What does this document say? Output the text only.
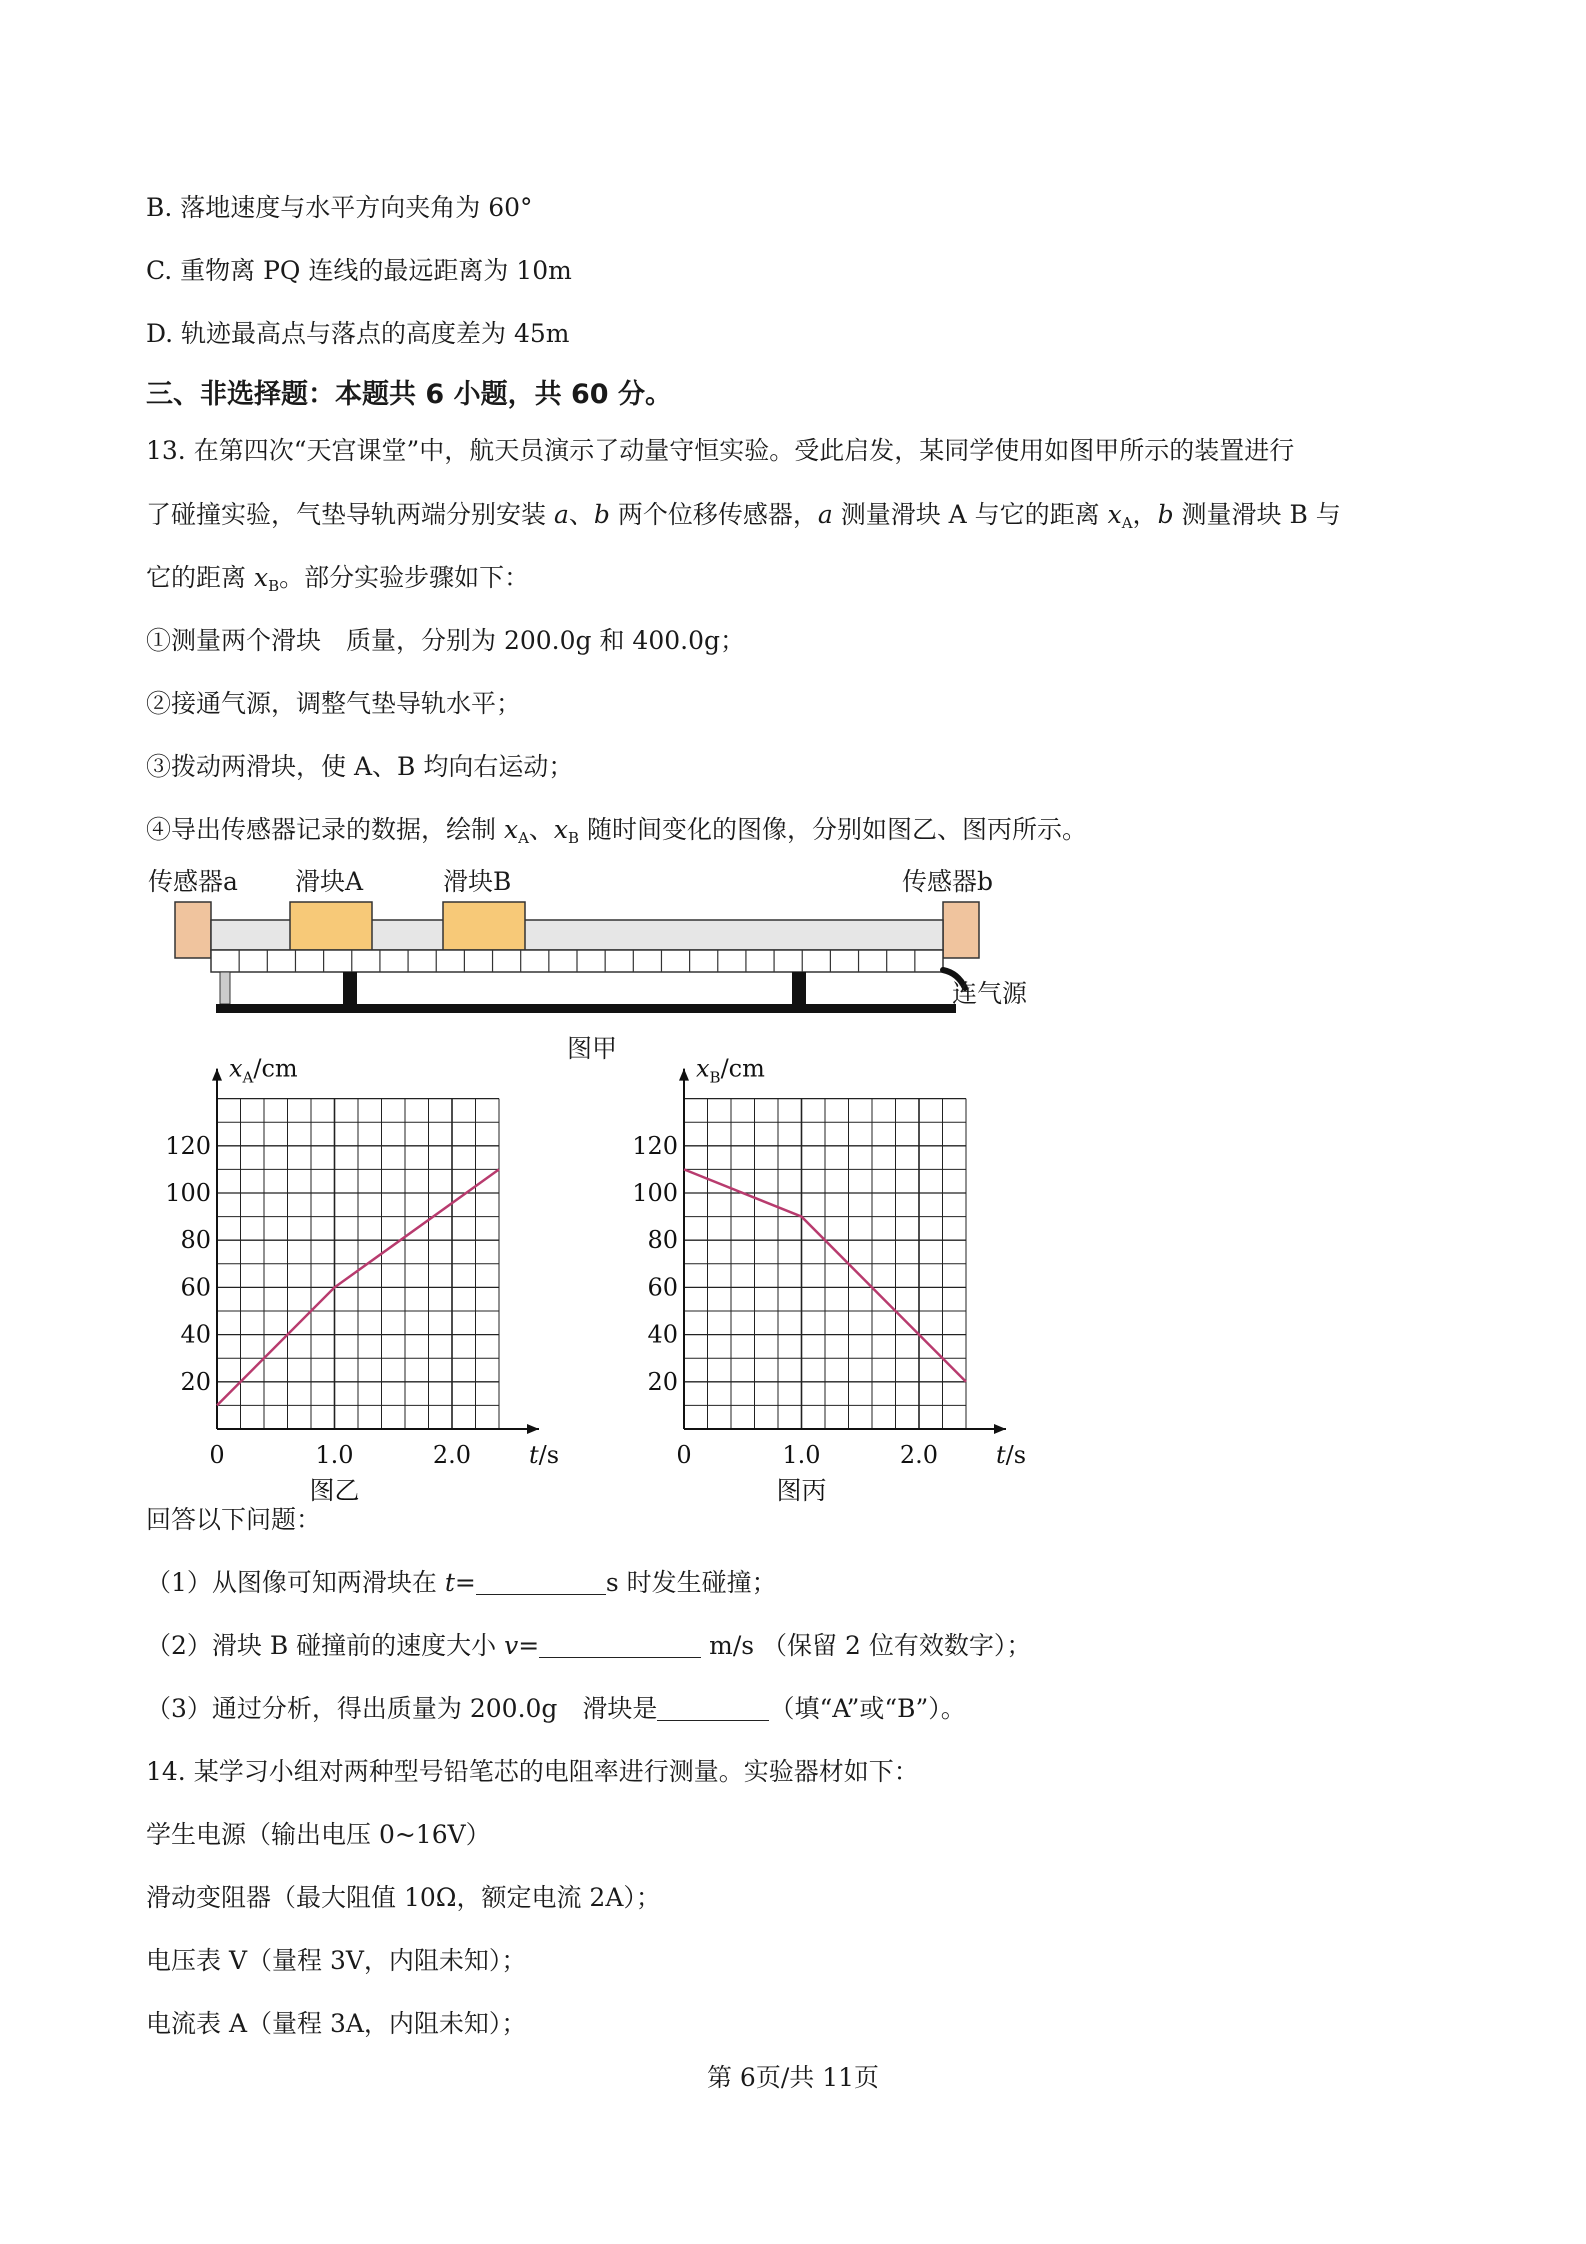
B. 落地速度与水平方向夹角为 60°
C. 重物离 PQ 连线的最远距离为 10m
D. 轨迹最高点与落点的高度差为 45m
三、非选择题：本题共 6 小题，共 60 分。
13. 在第四次“天宫课堂”中，航天员演示了动量守恒实验。受此启发，某同学使用如图甲所示的装置进行
了碰撞实验，气垫导轨两端分别安装 a、b 两个位移传感器，a 测量滑块 A 与它的距离 $x_A$，b 测量滑块 B 与
它的距离 $x_B$。部分实验步骤如下：
①测量两个滑块　质量，分别为 200.0g 和 400.0g；
②接通气源，调整气垫导轨水平；
③拨动两滑块，使 A、B 均向右运动；
④导出传感器记录的数据，绘制 $x_A$、$x_B$ 随时间变化的图像，分别如图乙、图丙所示。
传感器a 滑块A	滑块B	传感器b
连气源
图甲
20
40
60
80
100
120
0	1.0	2.0
$x_A/cm$
t/s
图乙
20
40
60
80
100
120
0	1.0	2.0
$x_B/cm$
t/s
图丙
回答以下问题：
（1）从图像可知两滑块在 t=	s 时发生碰撞；
（2）滑块 B 碰撞前的速度大小 v=	m/s （保留 2 位有效数字）；
（3）通过分析，得出质量为 200.0g　滑块是	（填“A”或“B”）。
14. 某学习小组对两种型号铅笔芯的电阻率进行测量。实验器材如下：
学生电源（输出电压 0~16V）
滑动变阻器（最大阻值 10Ω，额定电流 2A）；
电压表 V（量程 3V，内阻未知）；
电流表 A（量程 3A，内阻未知）；
第 6页/共 11页
